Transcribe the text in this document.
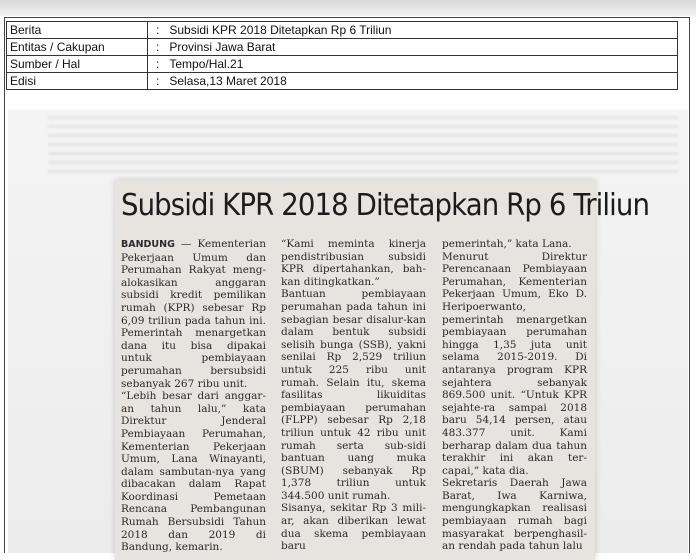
Berita	: Subsidi KPR 2018 Ditetapkan Rp 6 Triliun
Entitas / Cakupan	: Provinsi Jawa Barat
Sumber / Hal	: Tempo/Hal.21
Edisi	: Selasa,13 Maret 2018
Subsidi KPR 2018 Ditetapkan Rp 6 Triliun
BANDUNG — Kementerian Pekerjaan Umum dan Perumahan Rakyat meng-alokasikan anggaran subsidi kredit pemilikan rumah (KPR) sebesar Rp 6,09 triliun pada tahun ini. Pemerintah menargetkan dana itu bisa dipakai untuk pembiayaan perumahan bersubsidi sebanyak 267 ribu unit.
“Lebih besar dari anggar-an tahun lalu,” kata Direktur Jenderal Pembiayaan Perumahan, Kementerian Pekerjaan Umum, Lana Winayanti, dalam sambutan-nya yang dibacakan dalam Rapat Koordinasi Pemetaan Rencana Pembangunan Rumah Bersubsidi Tahun 2018 dan 2019 di Bandung, kemarin.
“Kami meminta kinerja pendistribusian subsidi KPR dipertahankan, bah-kan ditingkatkan.”
Bantuan pembiayaan perumahan pada tahun ini sebagian besar disalur-kan dalam bentuk subsidi selisih bunga (SSB), yakni senilai Rp 2,529 triliun untuk 225 ribu unit rumah. Selain itu, skema fasilitas likuiditas pembiayaan perumahan (FLPP) sebesar Rp 2,18 triliun untuk 42 ribu unit rumah serta sub-sidi bantuan uang muka (SBUM) sebanyak Rp 1,378 triliun untuk 344.500 unit rumah.
Sisanya, sekitar Rp 3 mili-ar, akan diberikan lewat dua skema pembiayaan baru
pemerintah,” kata Lana.
Menurut Direktur Perencanaan Pembiayaan Perumahan, Kementerian Pekerjaan Umum, Eko D. Heripoerwanto, pemerintah menargetkan pembiayaan perumahan hingga 1,35 juta unit selama 2015-2019. Di antaranya program KPR sejahtera sebanyak 869.500 unit. “Untuk KPR sejahte-ra sampai 2018 baru 54,14 persen, atau 483.377 unit. Kami berharap dalam dua tahun terakhir ini akan ter-capai,” kata dia.
Sekretaris Daerah Jawa Barat, Iwa Karniwa, mengungkapkan realisasi pembiayaan rumah bagi masyarakat berpenghasil-an rendah pada tahun lalu
